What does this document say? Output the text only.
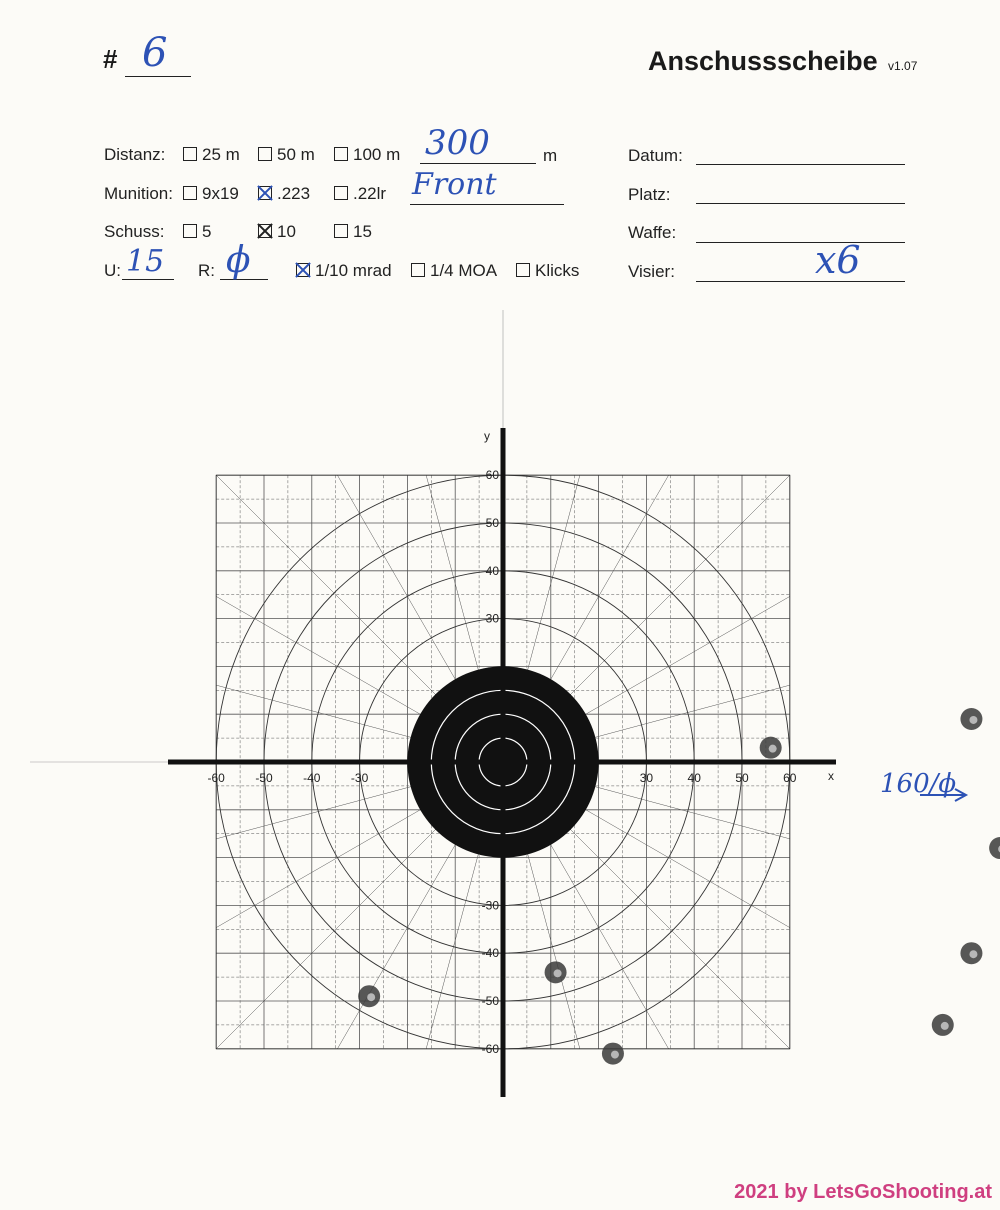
# 6	Anschussscheibe v1.07
Distanz:	25 m	50 m	100 m 300	m	Datum:
Munition:	9x19	.223	.22lr Front	Platz:
Schuss:	5	10	15	Waffe:
U: 15 R: ϕ	1/10 mrad	1/4 MOA	Klicks	Visier:	x6
-60	-50	-40	-30	30	40	50	60
60
50
40
30
-30
-40
-50
-60
x
y
160/ϕ
2021 by LetsGoShooting.at
